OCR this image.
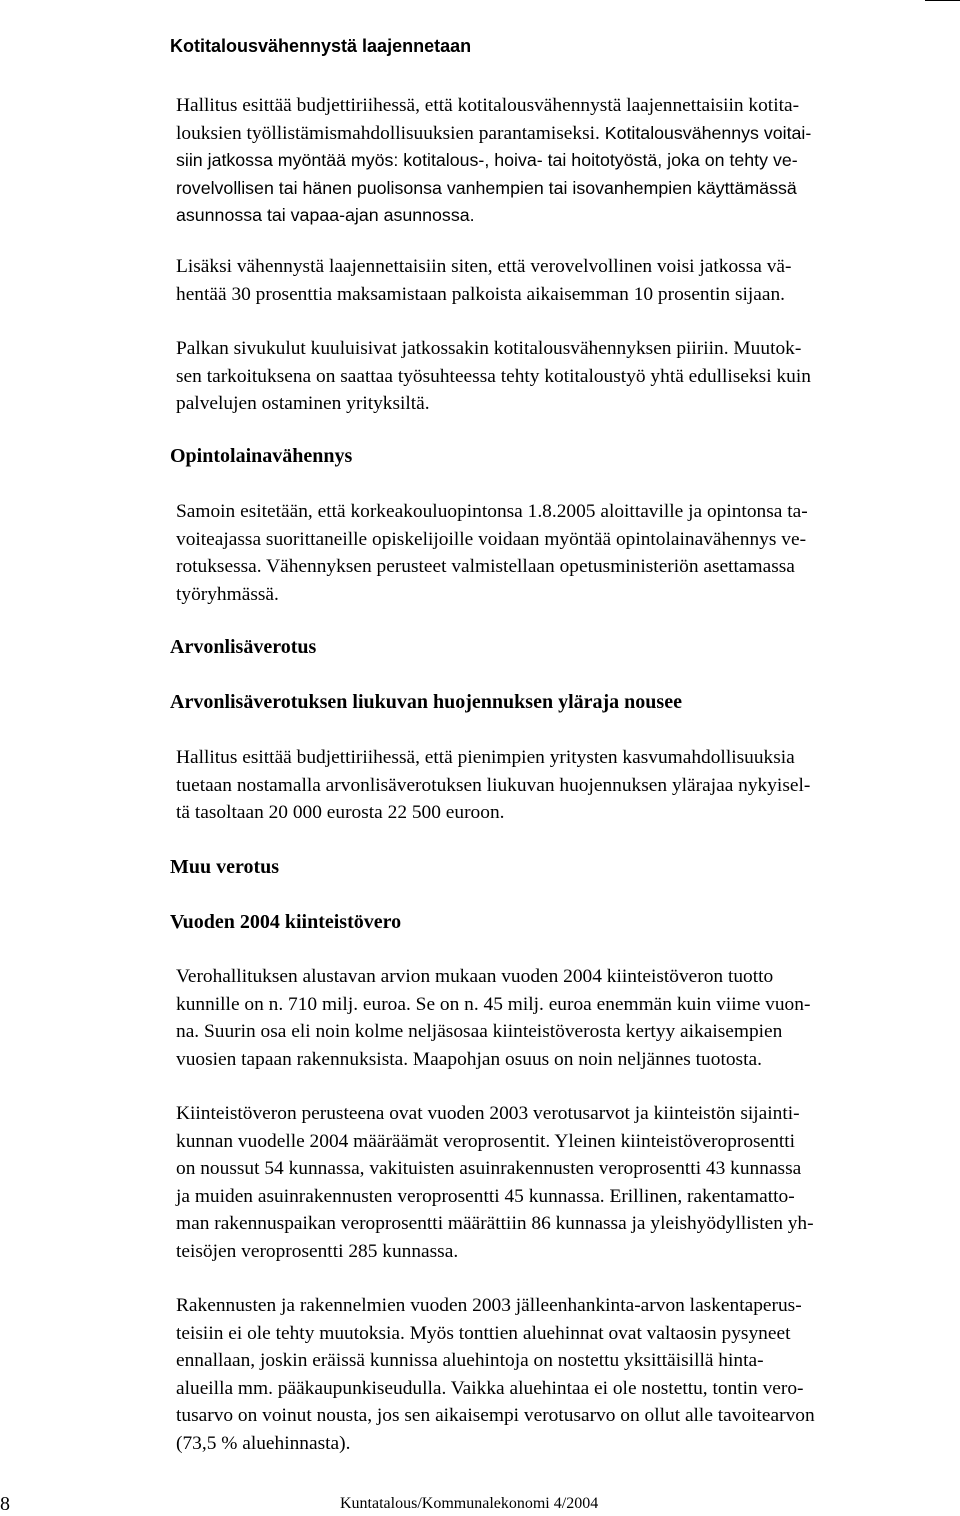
Kotitalousvähennystä laajennetaan
Hallitus esittää budjettiriihessä, että kotitalousvähennystä laajennettaisiin kotita-
louksien työllistämismahdollisuuksien parantamiseksi. Kotitalousvähennys voitai-
siin jatkossa myöntää myös: kotitalous-, hoiva- tai hoitotyöstä, joka on tehty ve-
rovelvollisen tai hänen puolisonsa vanhempien tai isovanhempien käyttämässä
asunnossa tai vapaa-ajan asunnossa.
Lisäksi vähennystä laajennettaisiin siten, että verovelvollinen voisi jatkossa vä-
hentää 30 prosenttia maksamistaan palkoista aikaisemman 10 prosentin sijaan.
Palkan sivukulut kuuluisivat jatkossakin kotitalousvähennyksen piiriin. Muutok-
sen tarkoituksena on saattaa työsuhteessa tehty kotitaloustyö yhtä edulliseksi kuin
palvelujen ostaminen yrityksiltä.
Opintolainavähennys
Samoin esitetään, että korkeakouluopintonsa 1.8.2005 aloittaville ja opintonsa ta-
voiteajassa suorittaneille opiskelijoille voidaan myöntää opintolainavähennys ve-
rotuksessa. Vähennyksen perusteet valmistellaan opetusministeriön asettamassa
työryhmässä.
Arvonlisäverotus
Arvonlisäverotuksen liukuvan huojennuksen yläraja nousee
Hallitus esittää budjettiriihessä, että pienimpien yritysten kasvumahdollisuuksia
tuetaan nostamalla arvonlisäverotuksen liukuvan huojennuksen ylärajaa nykyisel-
tä tasoltaan 20 000 eurosta 22 500 euroon.
Muu verotus
Vuoden 2004 kiinteistövero
Verohallituksen alustavan arvion mukaan vuoden 2004 kiinteistöveron tuotto
kunnille on n. 710 milj. euroa. Se on n. 45 milj. euroa enemmän kuin viime vuon-
na. Suurin osa eli noin kolme neljäsosaa kiinteistöverosta kertyy aikaisempien
vuosien tapaan rakennuksista. Maapohjan osuus on noin neljännes tuotosta.
Kiinteistöveron perusteena ovat vuoden 2003 verotusarvot ja kiinteistön sijainti-
kunnan vuodelle 2004 määräämät veroprosentit. Yleinen kiinteistöveroprosentti
on noussut 54 kunnassa, vakituisten asuinrakennusten veroprosentti 43 kunnassa
ja muiden asuinrakennusten veroprosentti 45 kunnassa. Erillinen, rakentamatto-
man rakennuspaikan veroprosentti määrättiin 86 kunnassa ja yleishyödyllisten yh-
teisöjen veroprosentti 285 kunnassa.
Rakennusten ja rakennelmien vuoden 2003 jälleenhankinta-arvon laskentaperus-
teisiin ei ole tehty muutoksia. Myös tonttien aluehinnat ovat valtaosin pysyneet
ennallaan, joskin eräissä kunnissa aluehintoja on nostettu yksittäisillä hinta-
alueilla mm. pääkaupunkiseudulla. Vaikka aluehintaa ei ole nostettu, tontin vero-
tusarvo on voinut nousta, jos sen aikaisempi verotusarvo on ollut alle tavoitearvon
(73,5 % aluehinnasta).
8	Kuntatalous/Kommunalekonomi 4/2004
